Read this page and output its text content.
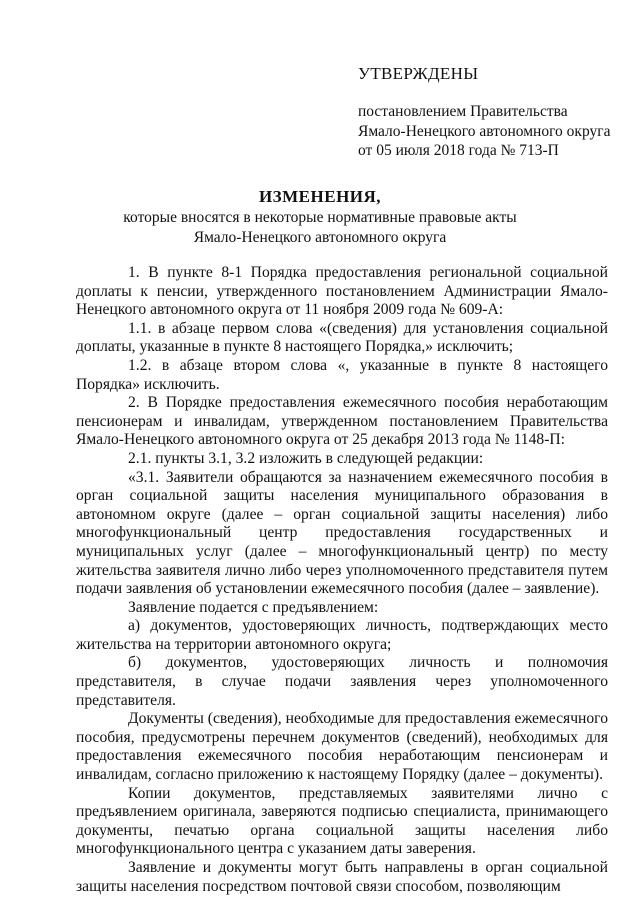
УТВЕРЖДЕНЫ
постановлением Правительства
Ямало-Ненецкого автономного округа
от 05 июля 2018 года № 713-П
ИЗМЕНЕНИЯ,
которые вносятся в некоторые нормативные правовые акты
Ямало-Ненецкого автономного округа

1. В пункте 8-1 Порядка предоставления региональной социальной доплаты к пенсии, утвержденного постановлением Администрации Ямало-Ненецкого автономного округа от 11 ноября 2009 года № 609-А:

1.1. в абзаце первом слова «(сведения) для установления социальной доплаты, указанные в пункте 8 настоящего Порядка,» исключить;

1.2. в абзаце втором слова «, указанные в пункте 8 настоящего Порядка» исключить.

2. В Порядке предоставления ежемесячного пособия неработающим пенсионерам и инвалидам, утвержденном постановлением Правительства Ямало-Ненецкого автономного округа от 25 декабря 2013 года № 1148-П:

2.1. пункты 3.1, 3.2 изложить в следующей редакции:

«3.1. Заявители обращаются за назначением ежемесячного пособия в орган социальной защиты населения муниципального образования в автономном округе (далее – орган социальной защиты населения) либо многофункциональный центр предоставления государственных и муниципальных услуг (далее – многофункциональный центр) по месту жительства заявителя лично либо через уполномоченного представителя путем подачи заявления об установлении ежемесячного пособия (далее – заявление).

Заявление подается с предъявлением:

а) документов, удостоверяющих личность, подтверждающих место жительства на территории автономного округа;

б) документов, удостоверяющих личность и полномочия представителя, в случае подачи заявления через уполномоченного представителя.

Документы (сведения), необходимые для предоставления ежемесячного пособия, предусмотрены перечнем документов (сведений), необходимых для предоставления ежемесячного пособия неработающим пенсионерам и инвалидам, согласно приложению к настоящему Порядку (далее – документы).

Копии документов, представляемых заявителями лично с предъявлением оригинала, заверяются подписью специалиста, принимающего документы, печатью органа социальной защиты населения либо многофункционального центра с указанием даты заверения.

Заявление и документы могут быть направлены в орган социальной защиты населения посредством почтовой связи способом, позволяющим
